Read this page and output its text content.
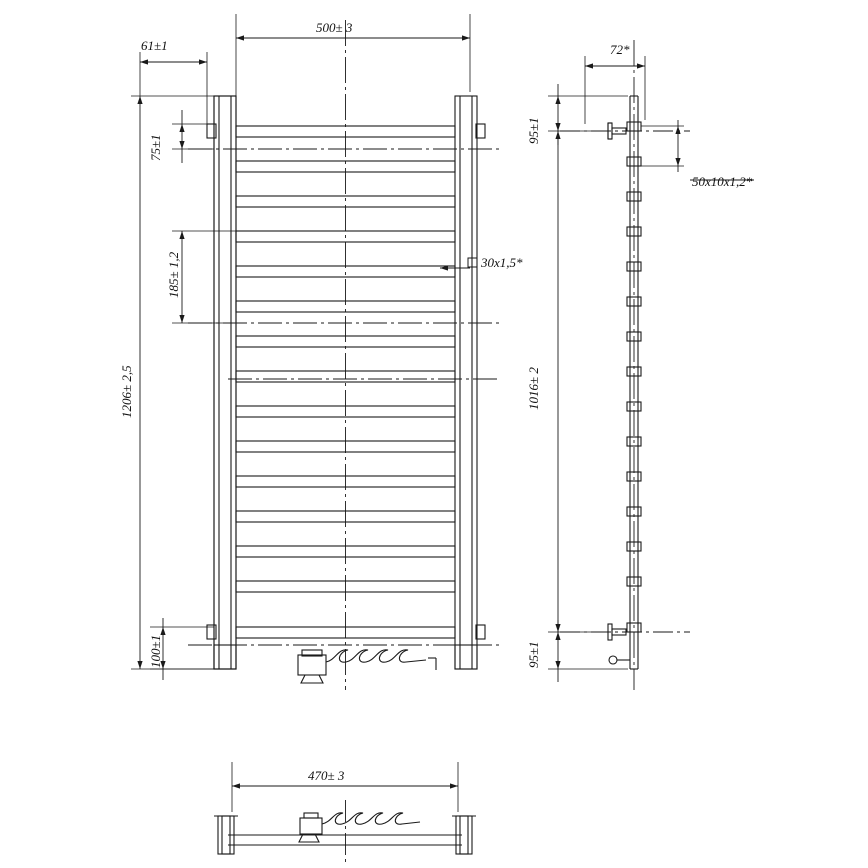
500± 3
61±1
75±1
185± 1,2
1206± 2,5
100±1
30x1,5*
72*
95±1
1016± 2
95±1
50x10x1,2*
470± 3
